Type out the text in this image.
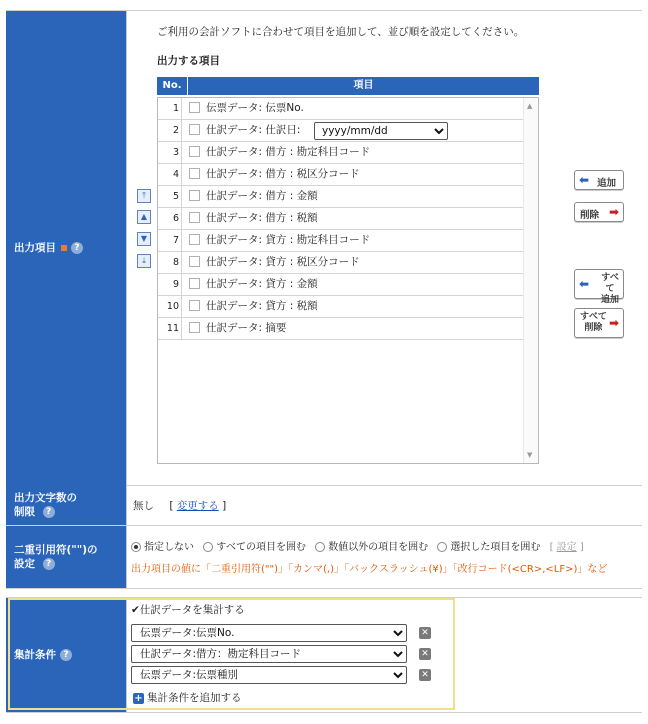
出力項目	?
ご利用の会計ソフトに合わせて項目を追加して、並び順を設定してください。
出力する項目
No.	項目
1	伝票データ: 伝票No.
2	仕訳データ: 仕訳日:
yyyy/mm/dd
3	仕訳データ: 借方 : 勘定科目コード
4	仕訳データ: 借方 : 税区分コード
5	仕訳データ: 借方 : 金額
6	仕訳データ: 借方 : 税額
7	仕訳データ: 貸方 : 勘定科目コード
8	仕訳データ: 貸方 : 税区分コード
9	仕訳データ: 貸方 : 金額
10	仕訳データ: 貸方 : 税額
11	仕訳データ: 摘要
▲
▼
⤒
▲
▼
⤓
⬅ 追加
削除 ➡
⬅	すべて
追加
すべて
削除 ➡
出力文字数の
制限 ?	無し [ 変更する ]
二重引用符("")の
設定 ?
指定しない すべての項目を囲む 数値以外の項目を囲む 選択した項目を囲む [ 設定 ]
出力項目の値に「二重引用符("")」「カンマ(,)」「バックスラッシュ(¥)」「改行コード(<CR>,<LF>)」など
集計条件 ?
✔仕訳データを集計する
伝票データ:伝票No.
✕
仕訳データ:借方：勘定科目コード
✕
伝票データ:伝票種別
✕
+ 集計条件を追加する
